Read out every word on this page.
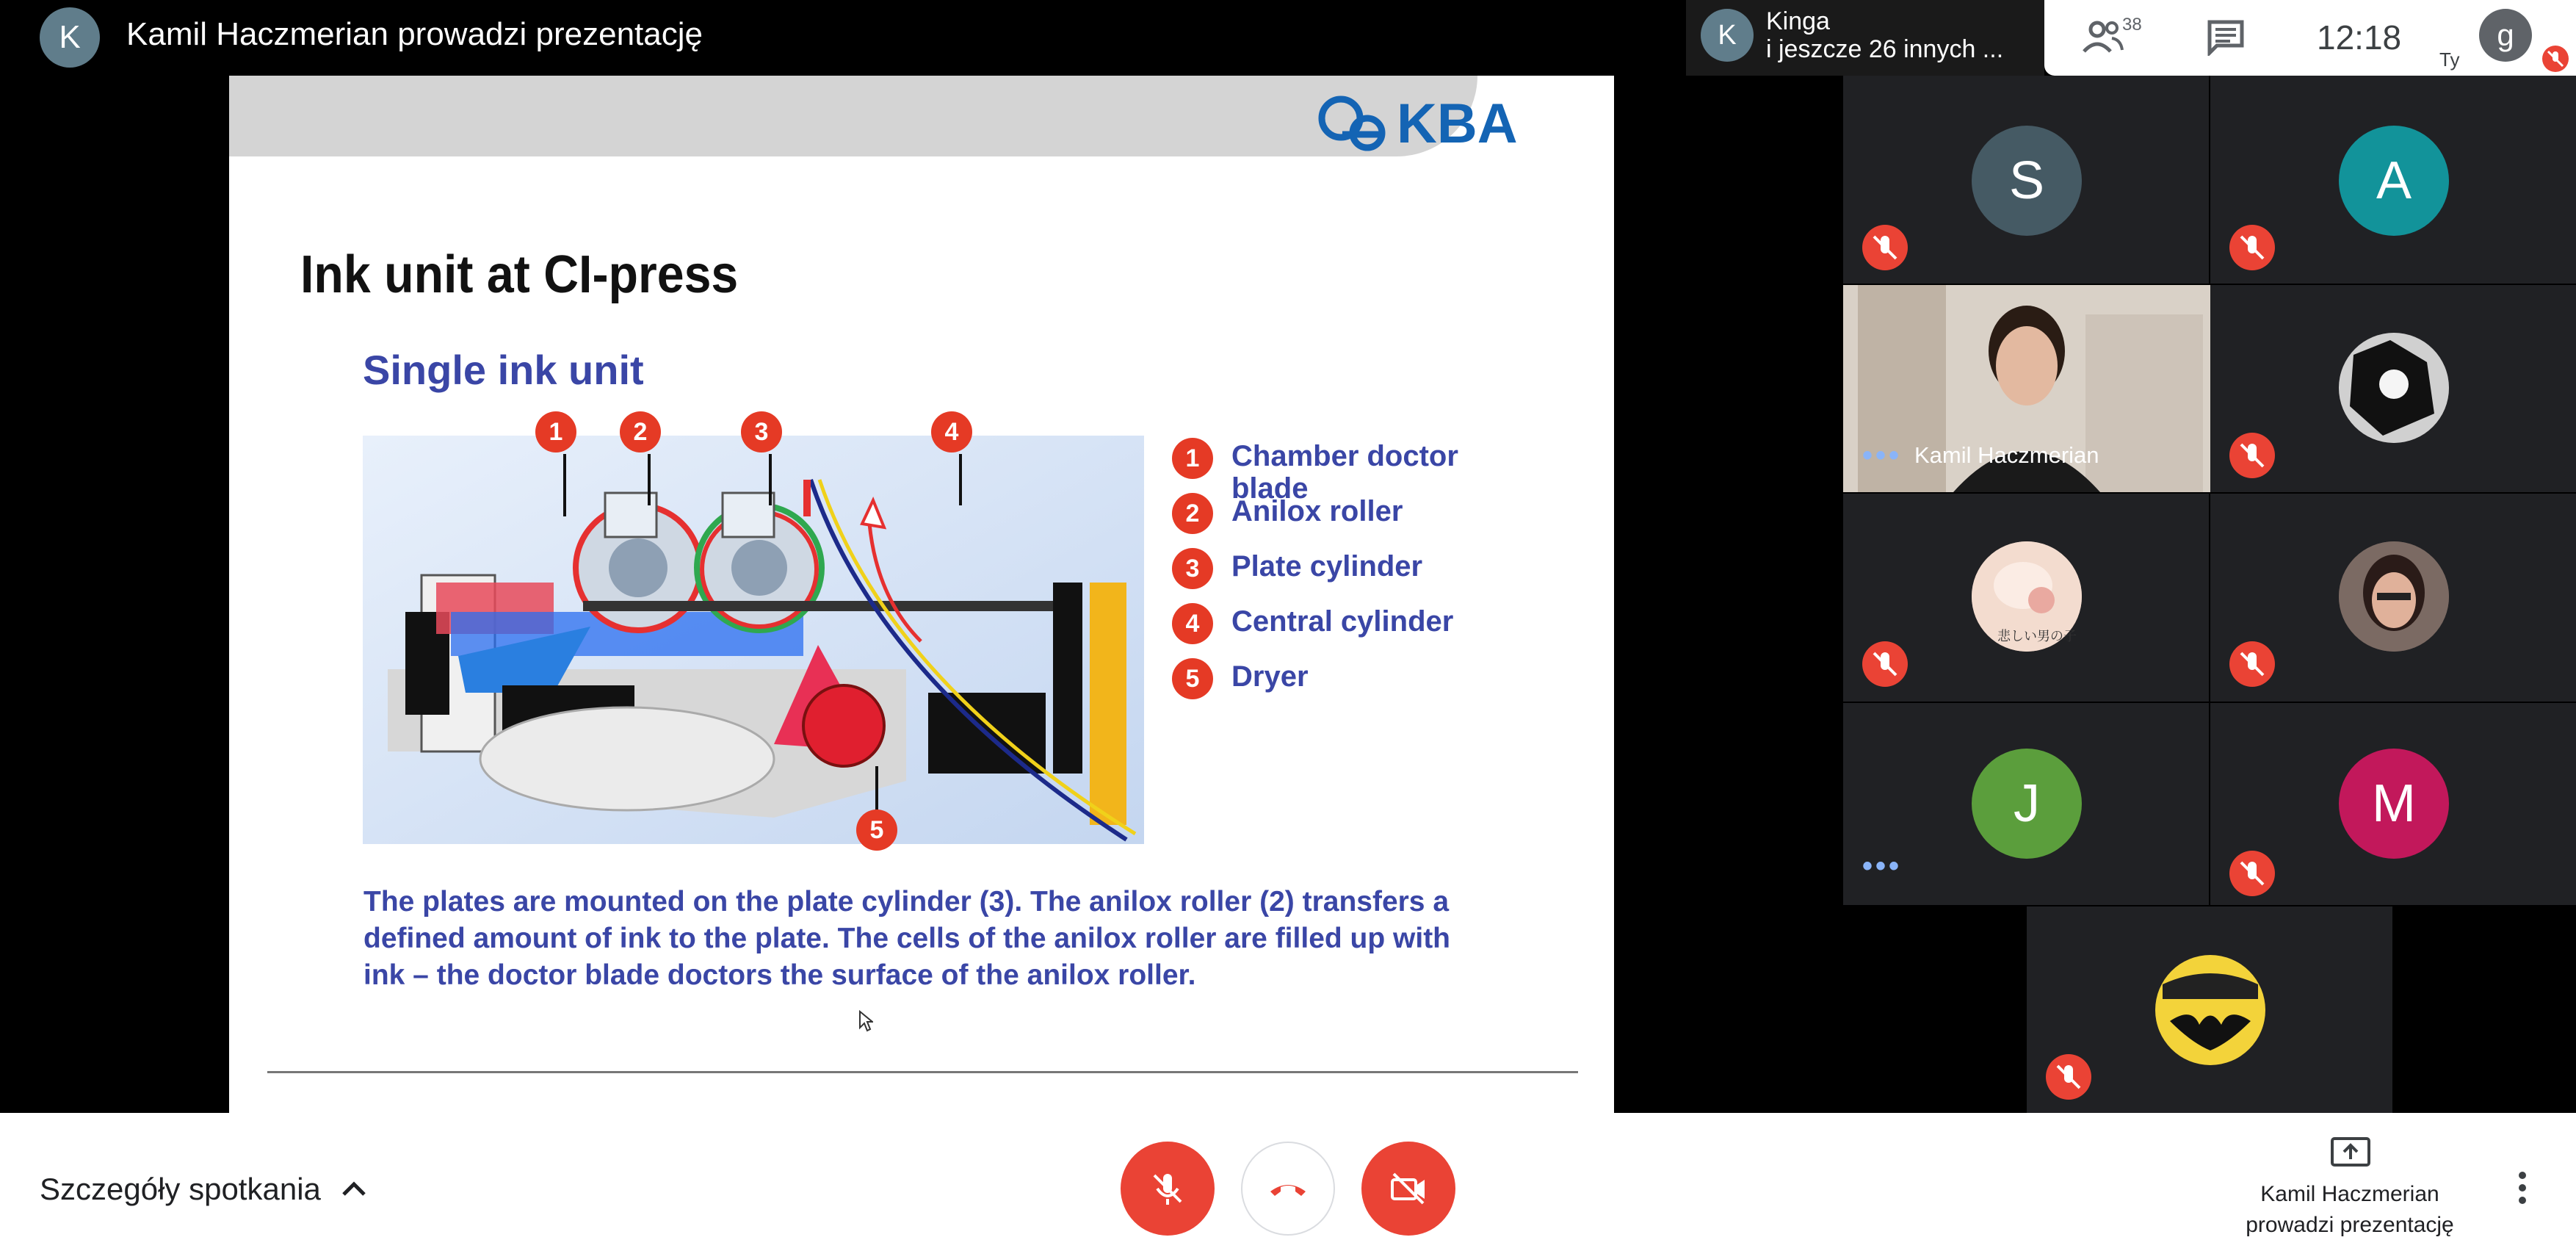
K	Kamil Haczmerian prowadzi prezentację	K	Kinga
i jeszcze 26 innych ...
38	12:18
Ty
g
KBA
Ink unit at CI-press
Single ink unit
1	2	3	4
5
1	Chamber doctor blade
2	Anilox roller
3	Plate cylinder
4	Central cylinder
5	Dryer
The plates are mounted on the plate cylinder (3). The anilox roller (2) transfers a defined amount of ink to the plate. The cells of the anilox roller are filled up with ink – the doctor blade doctors the surface of the anilox roller.
S	A
••• Kamil Haczmerian
悲しい男の子
J
•••
M
Szczegóły spotkania	Kamil Haczmerian
prowadzi prezentację
